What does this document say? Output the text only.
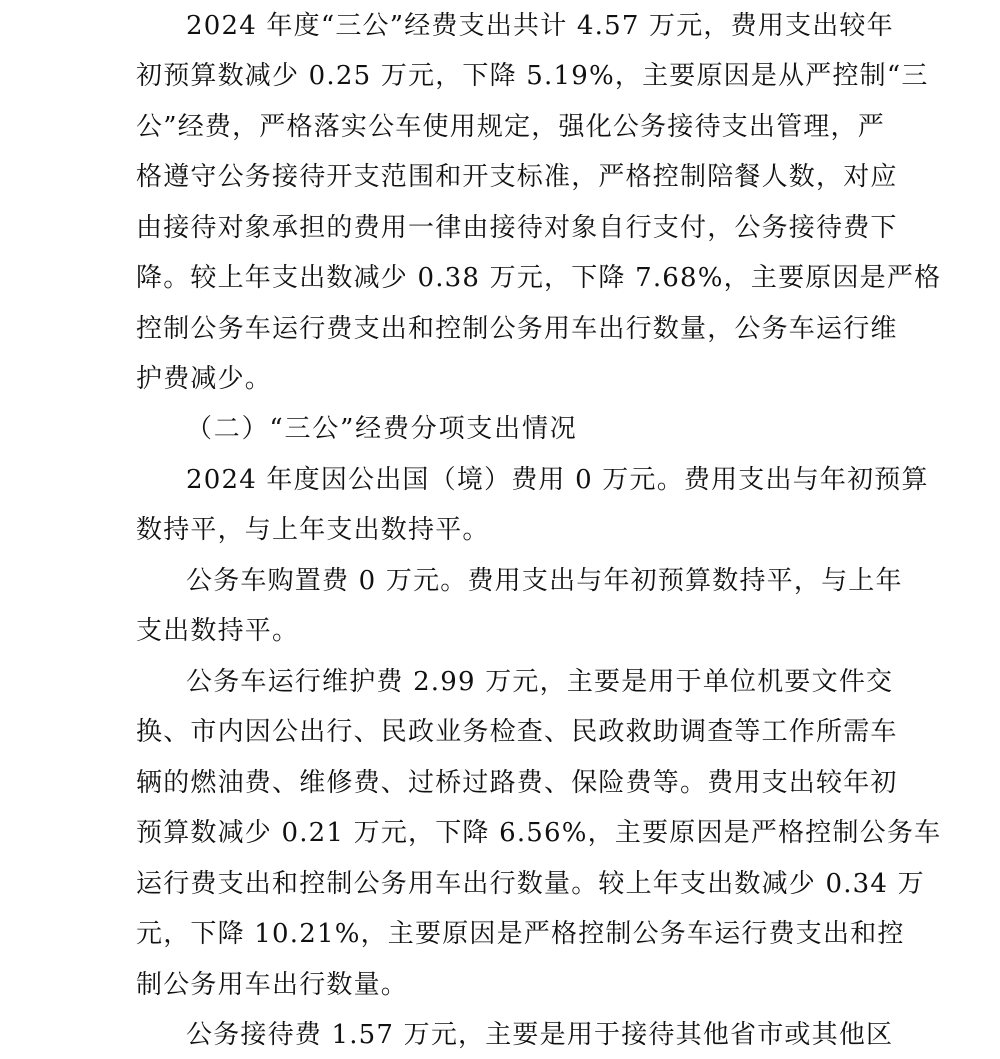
2024 年度“三公”经费支出共计 4.57 万元，费用支出较年
初预算数减少 0.25 万元，下降 5.19%，主要原因是从严控制“三
公”经费，严格落实公车使用规定，强化公务接待支出管理，严
格遵守公务接待开支范围和开支标准，严格控制陪餐人数，对应
由接待对象承担的费用一律由接待对象自行支付，公务接待费下
降。较上年支出数减少 0.38 万元，下降 7.68%，主要原因是严格
控制公务车运行费支出和控制公务用车出行数量，公务车运行维
护费减少。
（二）“三公”经费分项支出情况
2024 年度因公出国（境）费用 0 万元。费用支出与年初预算
数持平，与上年支出数持平。
公务车购置费 0 万元。费用支出与年初预算数持平，与上年
支出数持平。
公务车运行维护费 2.99 万元，主要是用于单位机要文件交
换、市内因公出行、民政业务检查、民政救助调查等工作所需车
辆的燃油费、维修费、过桥过路费、保险费等。费用支出较年初
预算数减少 0.21 万元，下降 6.56%，主要原因是严格控制公务车
运行费支出和控制公务用车出行数量。较上年支出数减少 0.34 万
元，下降 10.21%，主要原因是严格控制公务车运行费支出和控
制公务用车出行数量。
公务接待费 1.57 万元，主要是用于接待其他省市或其他区
